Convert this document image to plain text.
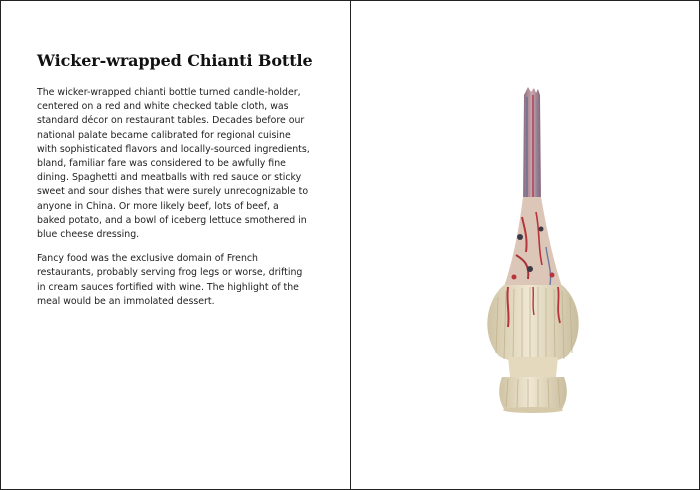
Wicker-wrapped Chianti Bottle

The wicker-wrapped chianti bottle turned candle-holder, centered on a red and white checked table cloth, was standard décor on restaurant tables. Decades before our national palate became calibrated for regional cuisine with sophisticated flavors and locally-sourced ingredients, bland, familiar fare was considered to be awfully fine dining. Spaghetti and meatballs with red sauce or sticky sweet and sour dishes that were surely unrecognizable to anyone in China. Or more likely beef, lots of beef, a baked potato, and a bowl of iceberg lettuce smothered in blue cheese dressing.

Fancy food was the exclusive domain of French restaurants, probably serving frog legs or worse, drifting in cream sauces fortified with wine. The highlight of the meal would be an immolated dessert.
